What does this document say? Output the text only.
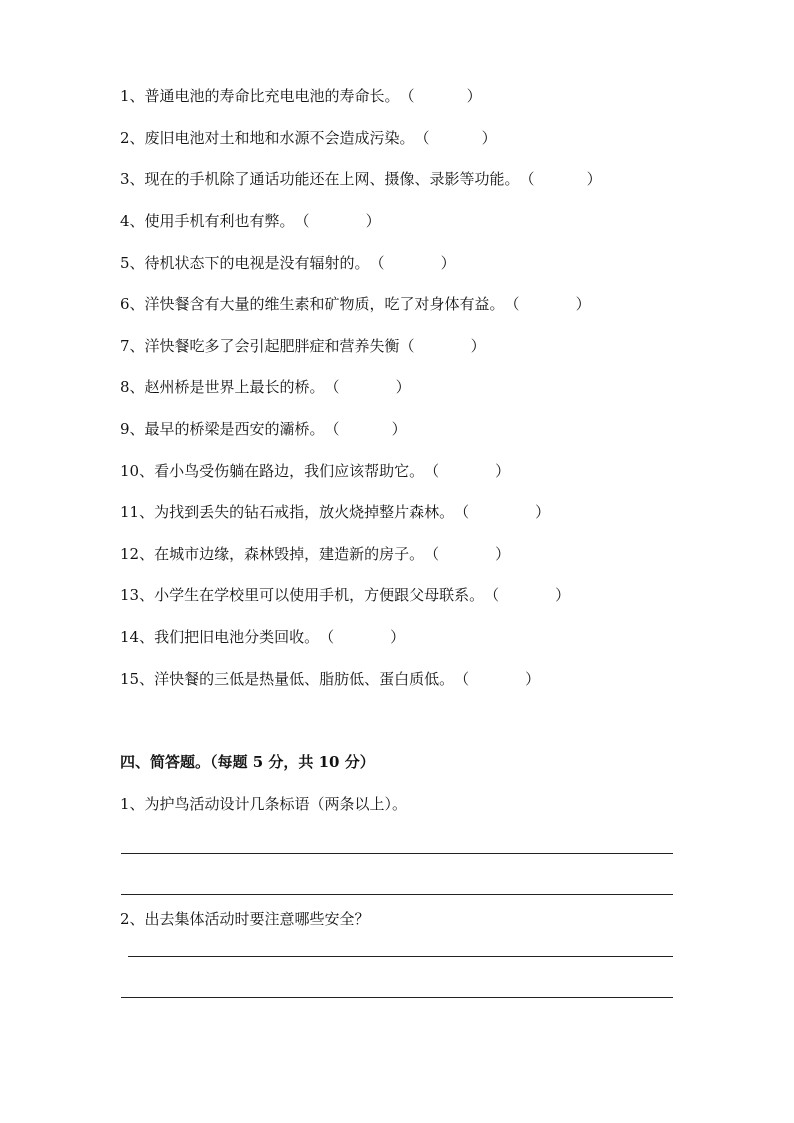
1、普通电池的寿命比充电电池的寿命长。（	）
2、废旧电池对土和地和水源不会造成污染。（	）
3、现在的手机除了通话功能还在上网、摄像、录影等功能。（	）
4、使用手机有利也有弊。（	）
5、待机状态下的电视是没有辐射的。（	）
6、洋快餐含有大量的维生素和矿物质，吃了对身体有益。（	）
7、洋快餐吃多了会引起肥胖症和营养失衡（	）
8、赵州桥是世界上最长的桥。（	）
9、最早的桥梁是西安的灞桥。（	）
10、看小鸟受伤躺在路边，我们应该帮助它。（	）
11、为找到丢失的钻石戒指，放火烧掉整片森林。（	）
12、在城市边缘，森林毁掉，建造新的房子。（	）
13、小学生在学校里可以使用手机，方便跟父母联系。（	）
14、我们把旧电池分类回收。（	）
15、洋快餐的三低是热量低、脂肪低、蛋白质低。（	）
四、简答题。（每题 5 分，共 10 分）
1、为护鸟活动设计几条标语（两条以上）。
2、出去集体活动时要注意哪些安全？
